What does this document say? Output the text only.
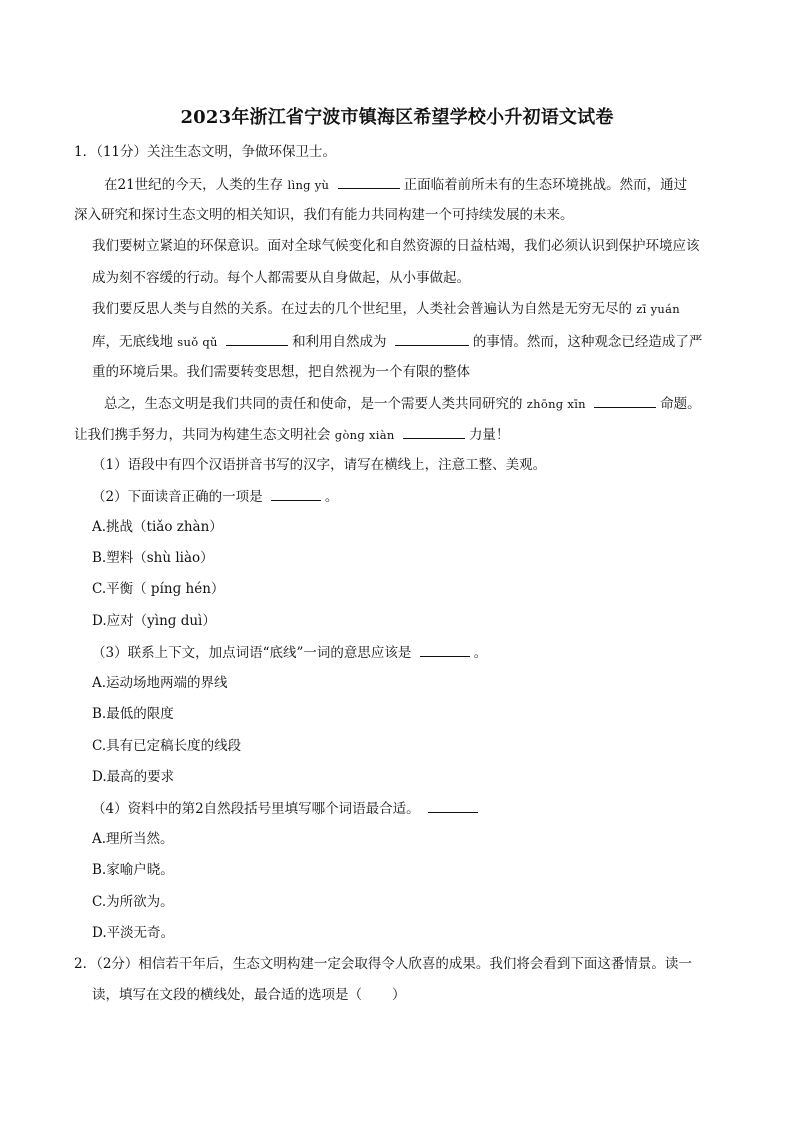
2023年浙江省宁波市镇海区希望学校小升初语文试卷
1．（11分）关注生态文明，争做环保卫士。
在21世纪的今天，人类的生存 lìnɡ yù	正面临着前所未有的生态环境挑战。然而，通过
深入研究和探讨生态文明的相关知识，我们有能力共同构建一个可持续发展的未来。
我们要树立紧迫的环保意识。面对全球气候变化和自然资源的日益枯竭，我们必须认识到保护环境应该
成为刻不容缓的行动。每个人都需要从自身做起，从小事做起。
我们要反思人类与自然的关系。在过去的几个世纪里，人类社会普遍认为自然是无穷无尽的 zī yuán
库，无底线地 suǒ qǔ	和利用自然成为	的事情。然而，这种观念已经造成了严
重的环境后果。我们需要转变思想，把自然视为一个有限的整体
总之，生态文明是我们共同的责任和使命，是一个需要人类共同研究的 zhōnɡ xīn	命题。
让我们携手努力，共同为构建生态文明社会 ɡònɡ xiàn	力量！
（1）语段中有四个汉语拼音书写的汉字，请写在横线上，注意工整、美观。
（2）下面读音正确的一项是	。
A.挑战（tiǎo zhàn）
B.塑料（shù liào）
C.平衡（ pínɡ hén）
D.应对（yìnɡ duì）
（3）联系上下文，加点词语“底线”一词的意思应该是	。
A.运动场地两端的界线
B.最低的限度
C.具有已定稿长度的线段
D.最高的要求
（4）资料中的第2自然段括号里填写哪个词语最合适。
A.理所当然。
B.家喻户晓。
C.为所欲为。
D.平淡无奇。
2．（2分）相信若干年后，生态文明构建一定会取得令人欣喜的成果。我们将会看到下面这番情景。读一
读，填写在文段的横线处，最合适的选项是（ ）
